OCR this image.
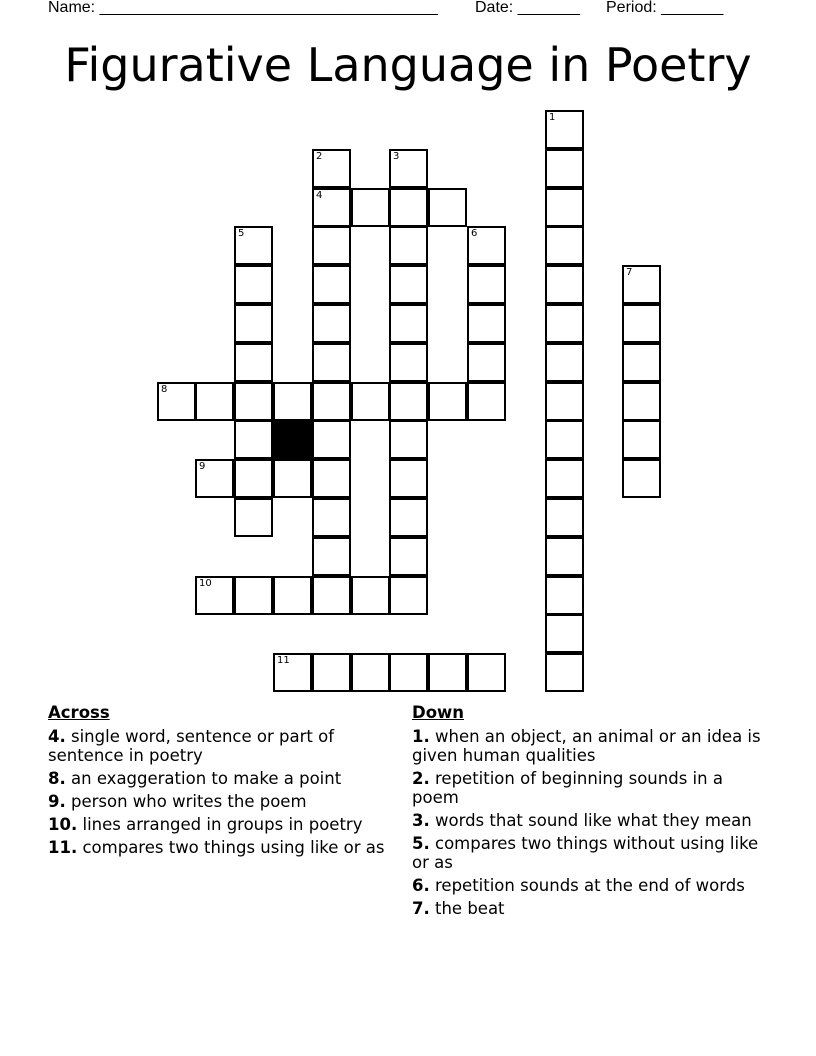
Name: ______________________________________ Date: _______ Period: _______
Figurative Language in Poetry
1
2	3
4
5	6
7
8
9
10
11
Across
4. single word, sentence or part of sentence in poetry
8. an exaggeration to make a point
9. person who writes the poem
10. lines arranged in groups in poetry
11. compares two things using like or as
Down
1. when an object, an animal or an idea is given human qualities
2. repetition of beginning sounds in a poem
3. words that sound like what they mean
5. compares two things without using like or as
6. repetition sounds at the end of words
7. the beat
